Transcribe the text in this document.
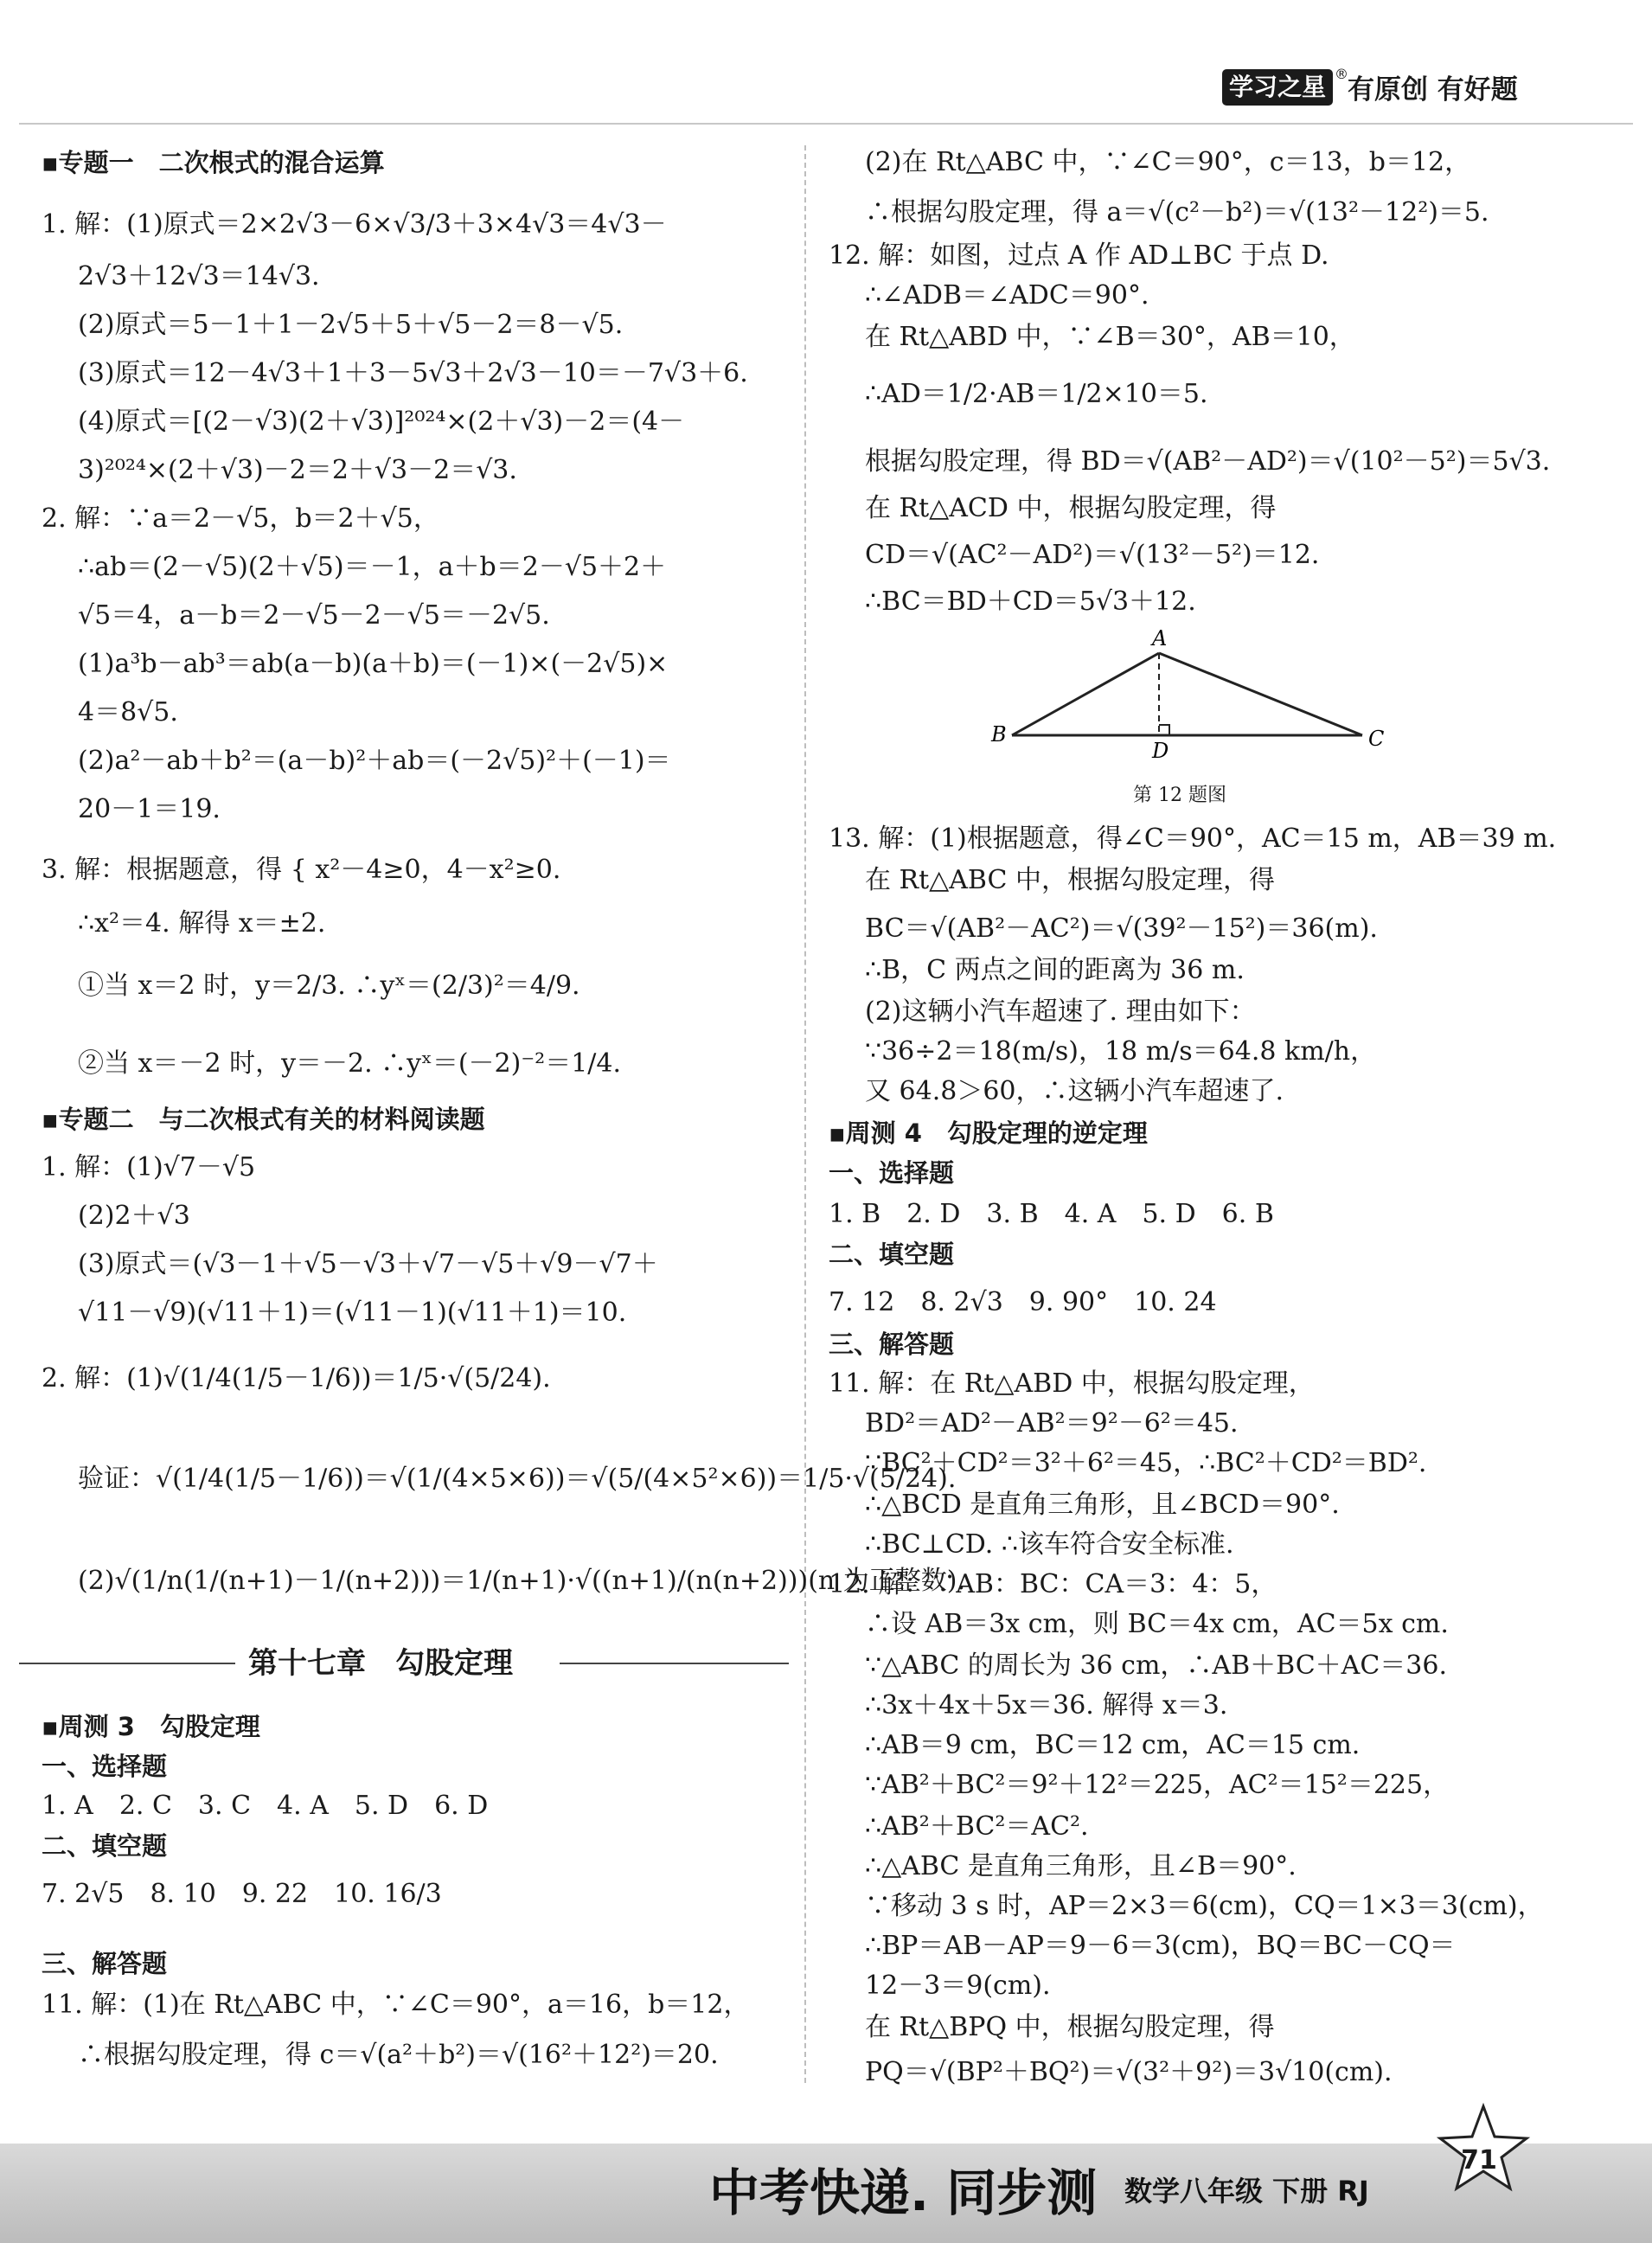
学习之星 ®
有原创 有好题
▪专题一　二次根式的混合运算
1. 解：(1)原式＝2×2√3－6×√3/3＋3×4√3＝4√3－
2√3＋12√3＝14√3.
(2)原式＝5－1＋1－2√5＋5＋√5－2＝8－√5.
(3)原式＝12－4√3＋1＋3－5√3＋2√3－10＝－7√3＋6.
(4)原式＝[(2－√3)(2＋√3)]²⁰²⁴×(2＋√3)－2＝(4－
3)²⁰²⁴×(2＋√3)－2＝2＋√3－2＝√3.
2. 解：∵a＝2－√5，b＝2＋√5，
∴ab＝(2－√5)(2＋√5)＝－1，a＋b＝2－√5＋2＋
√5＝4，a－b＝2－√5－2－√5＝－2√5.
(1)a³b－ab³＝ab(a－b)(a＋b)＝(－1)×(－2√5)×
4＝8√5.
(2)a²－ab＋b²＝(a－b)²＋ab＝(－2√5)²＋(－1)＝
20－1＝19.
3. 解：根据题意，得 { x²－4≥0，4－x²≥0.
∴x²＝4. 解得 x＝±2.
①当 x＝2 时，y＝2/3. ∴yˣ＝(2/3)²＝4/9.
②当 x＝－2 时，y＝－2. ∴yˣ＝(－2)⁻²＝1/4.
▪专题二　与二次根式有关的材料阅读题
1. 解：(1)√7－√5
(2)2＋√3
(3)原式＝(√3－1＋√5－√3＋√7－√5＋√9－√7＋
√11－√9)(√11＋1)＝(√11－1)(√11＋1)＝10.
2. 解：(1)√(1/4(1/5－1/6))＝1/5·√(5/24).
验证：√(1/4(1/5－1/6))＝√(1/(4×5×6))＝√(5/(4×5²×6))＝1/5·√(5/24).
(2)√(1/n(1/(n+1)－1/(n+2)))＝1/(n+1)·√((n+1)/(n(n+2)))(n 为正整数).
▪周测 3　勾股定理
一、选择题
1. A　2. C　3. C　4. A　5. D　6. D
二、填空题
7. 2√5　8. 10　9. 22　10. 16/3
三、解答题
11. 解：(1)在 Rt△ABC 中，∵∠C＝90°，a＝16，b＝12，
∴根据勾股定理，得 c＝√(a²＋b²)＝√(16²＋12²)＝20.
第十七章　勾股定理
(2)在 Rt△ABC 中，∵∠C＝90°，c＝13，b＝12，
∴根据勾股定理，得 a＝√(c²－b²)＝√(13²－12²)＝5.
12. 解：如图，过点 A 作 AD⊥BC 于点 D.
∴∠ADB＝∠ADC＝90°.
在 Rt△ABD 中，∵∠B＝30°，AB＝10，
∴AD＝1/2·AB＝1/2×10＝5.
根据勾股定理，得 BD＝√(AB²－AD²)＝√(10²－5²)＝5√3.
在 Rt△ACD 中，根据勾股定理，得
CD＝√(AC²－AD²)＝√(13²－5²)＝12.
∴BC＝BD＋CD＝5√3＋12.
13. 解：(1)根据题意，得∠C＝90°，AC＝15 m，AB＝39 m.
在 Rt△ABC 中，根据勾股定理，得
BC＝√(AB²－AC²)＝√(39²－15²)＝36(m).
∴B，C 两点之间的距离为 36 m.
(2)这辆小汽车超速了. 理由如下：
∵36÷2＝18(m/s)，18 m/s＝64.8 km/h，
又 64.8＞60，∴这辆小汽车超速了.
▪周测 4　勾股定理的逆定理
一、选择题
1. B　2. D　3. B　4. A　5. D　6. B
二、填空题
7. 12　8. 2√3　9. 90°　10. 24
三、解答题
11. 解：在 Rt△ABD 中，根据勾股定理，
BD²＝AD²－AB²＝9²－6²＝45.
∵BC²＋CD²＝3²＋6²＝45，∴BC²＋CD²＝BD².
∴△BCD 是直角三角形，且∠BCD＝90°.
∴BC⊥CD. ∴该车符合安全标准.
12. 解：∵AB：BC：CA＝3：4：5，
∴设 AB＝3x cm，则 BC＝4x cm，AC＝5x cm.
∵△ABC 的周长为 36 cm，∴AB＋BC＋AC＝36.
∴3x＋4x＋5x＝36. 解得 x＝3.
∴AB＝9 cm，BC＝12 cm，AC＝15 cm.
∵AB²＋BC²＝9²＋12²＝225，AC²＝15²＝225，
∴AB²＋BC²＝AC².
∴△ABC 是直角三角形，且∠B＝90°.
∵移动 3 s 时，AP＝2×3＝6(cm)，CQ＝1×3＝3(cm)，
∴BP＝AB－AP＝9－6＝3(cm)，BQ＝BC－CQ＝
12－3＝9(cm).
在 Rt△BPQ 中，根据勾股定理，得
PQ＝√(BP²＋BQ²)＝√(3²＋9²)＝3√10(cm).
A
B	C
D
第 12 题图
中考快递. 同步测 数学八年级 下册 RJ
71
